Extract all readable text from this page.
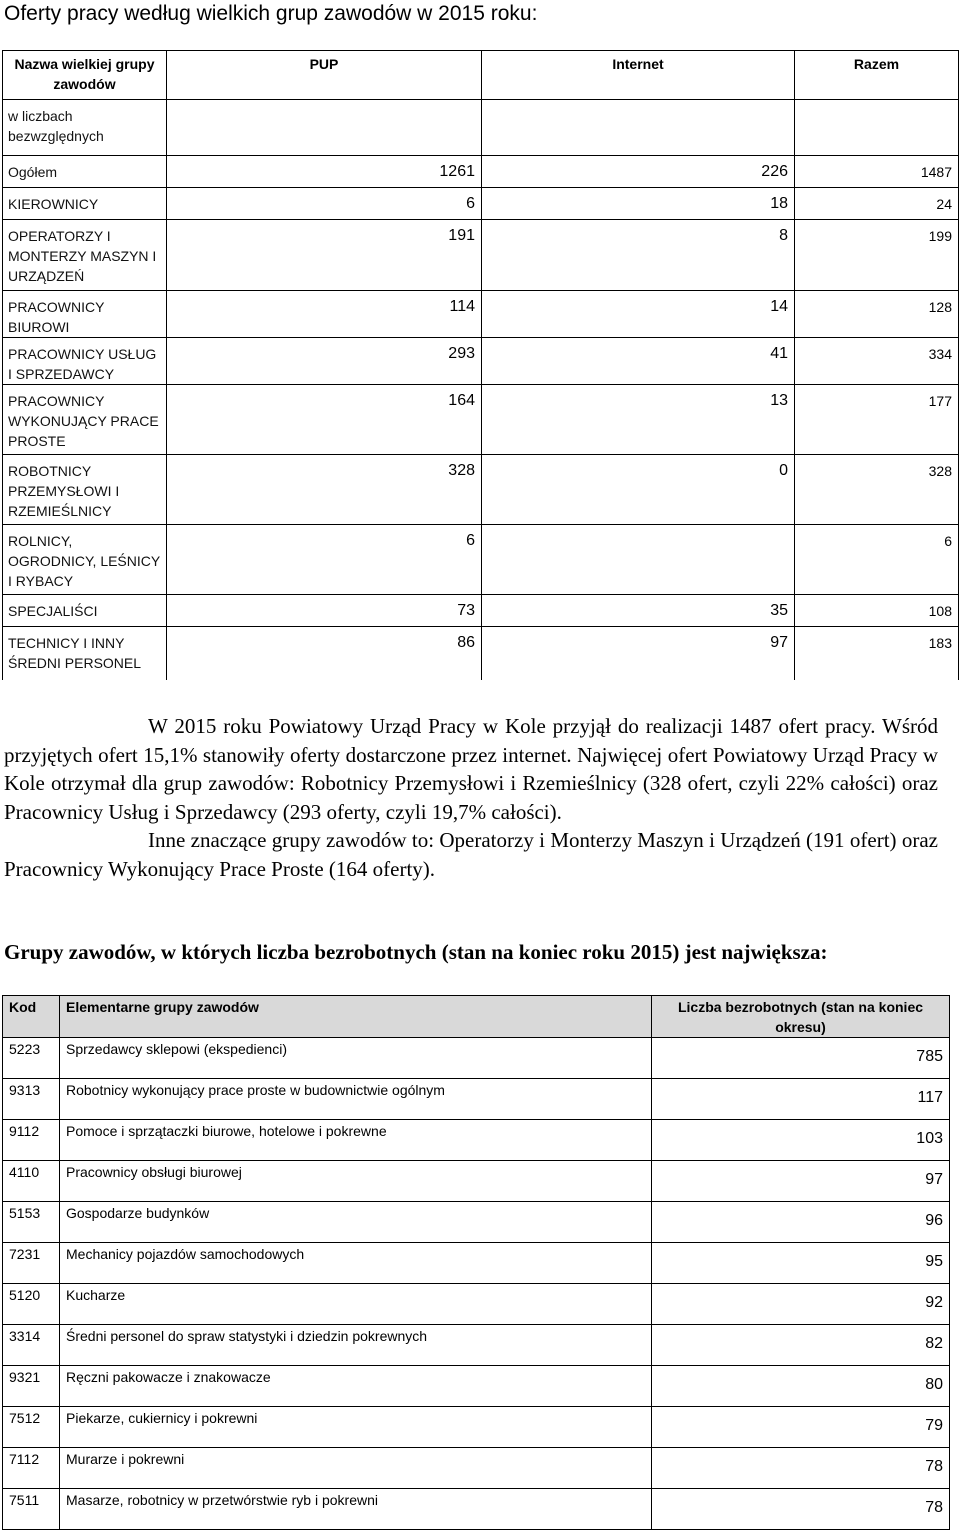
Oferty pracy według wielkich grup zawodów w 2015 roku:
Nazwa wielkiej grupy zawodów	PUP	Internet	Razem
w liczbach bezwzględnych			
Ogółem	1261	226	1487
KIEROWNICY	6	18	24
OPERATORZY I MONTERZY MASZYN I URZĄDZEŃ	191	8	199
PRACOWNICY BIUROWI	114	14	128
PRACOWNICY USŁUG I SPRZEDAWCY	293	41	334
PRACOWNICY WYKONUJĄCY PRACE PROSTE	164	13	177
ROBOTNICY PRZEMYSŁOWI I RZEMIEŚLNICY	328	0	328
ROLNICY, OGRODNICY, LEŚNICY I RYBACY	6		6
SPECJALIŚCI	73	35	108
TECHNICY I INNY ŚREDNI PERSONEL	86	97	183

W 2015 roku Powiatowy Urząd Pracy w Kole przyjął do realizacji 1487 ofert pracy. Wśród przyjętych ofert 15,1% stanowiły oferty dostarczone przez internet. Najwięcej ofert Powiatowy Urząd Pracy w Kole otrzymał dla grup zawodów: Robotnicy Przemysłowi i Rzemieślnicy (328 ofert, czyli 22% całości) oraz Pracownicy Usług i Sprzedawcy (293 oferty, czyli 19,7% całości).

Inne znaczące grupy zawodów to: Operatorzy i Monterzy Maszyn i Urządzeń (191 ofert) oraz Pracownicy Wykonujący Prace Proste (164 oferty).

Grupy zawodów, w których liczba bezrobotnych (stan na koniec roku 2015) jest największa:
Kod	Elementarne grupy zawodów	Liczba bezrobotnych (stan na koniec okresu)
5223	Sprzedawcy sklepowi (ekspedienci)	785
9313	Robotnicy wykonujący prace proste w budownictwie ogólnym	117
9112	Pomoce i sprzątaczki biurowe, hotelowe i pokrewne	103
4110	Pracownicy obsługi biurowej	97
5153	Gospodarze budynków	96
7231	Mechanicy pojazdów samochodowych	95
5120	Kucharze	92
3314	Średni personel do spraw statystyki i dziedzin pokrewnych	82
9321	Ręczni pakowacze i znakowacze	80
7512	Piekarze, cukiernicy i pokrewni	79
7112	Murarze i pokrewni	78
7511	Masarze, robotnicy w przetwórstwie ryb i pokrewni	78
